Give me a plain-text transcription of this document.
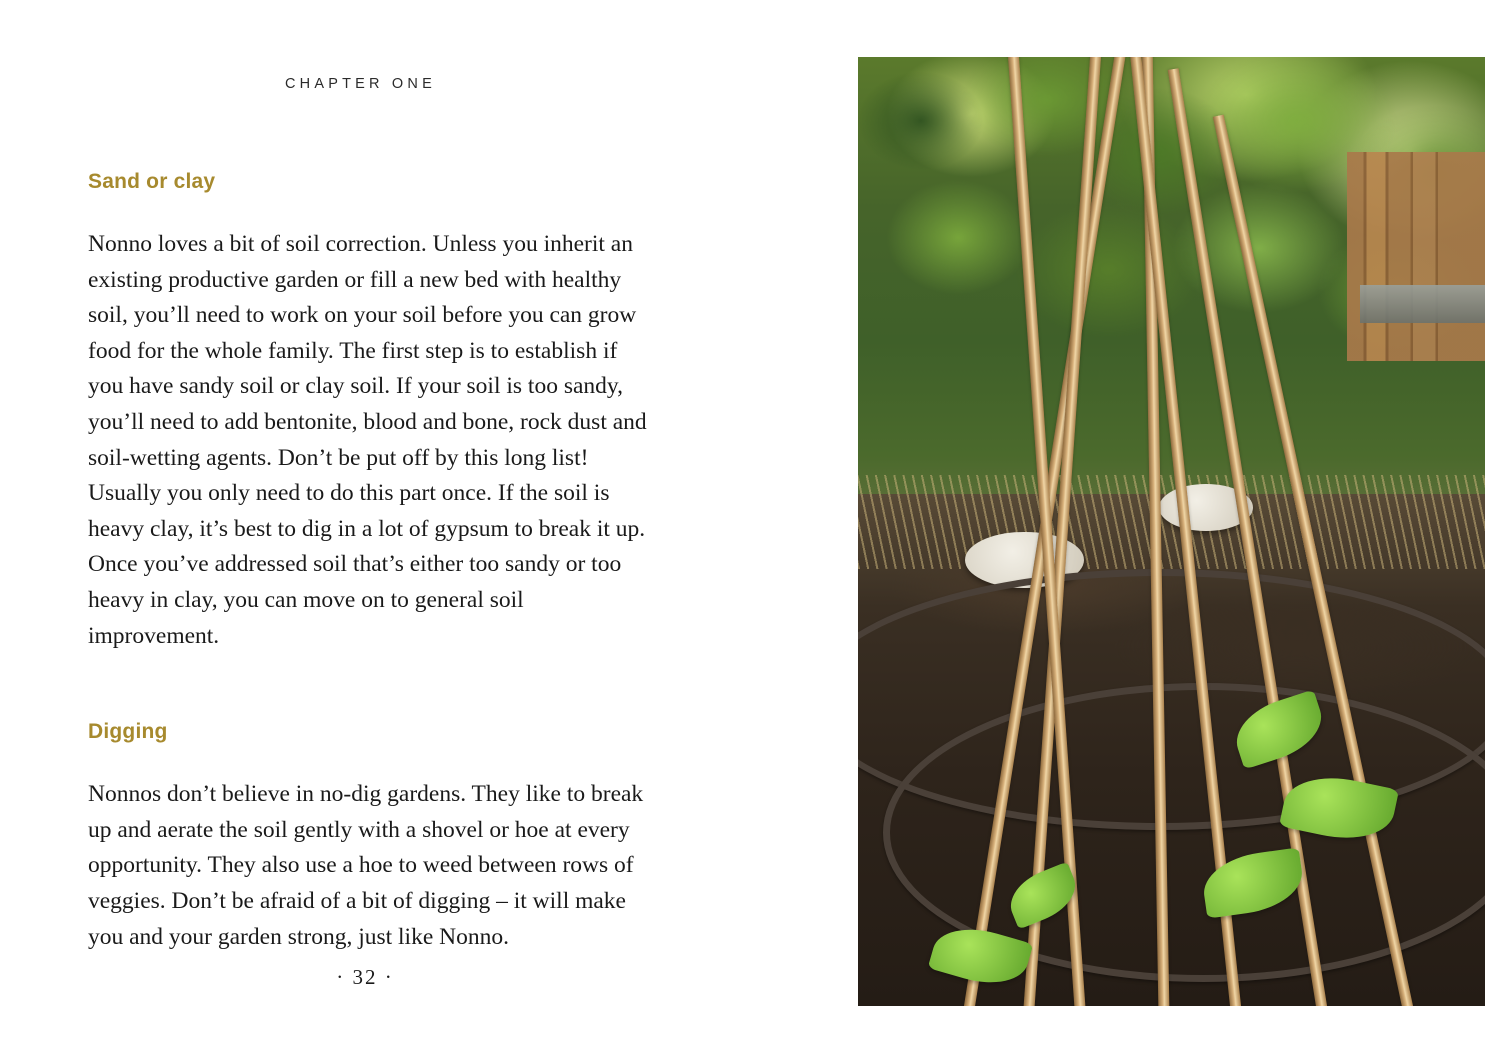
CHAPTER ONE
Sand or clay

Nonno loves a bit of soil correction. Unless you inherit an existing productive garden or fill a new bed with healthy soil, you’ll need to work on your soil before you can grow food for the whole family. The first step is to establish if you have sandy soil or clay soil. If your soil is too sandy, you’ll need to add bentonite, blood and bone, rock dust and soil-wetting agents. Don’t be put off by this long list! Usually you only need to do this part once. If the soil is heavy clay, it’s best to dig in a lot of gypsum to break it up. Once you’ve addressed soil that’s either too sandy or too heavy in clay, you can move on to general soil improvement.

Digging

Nonnos don’t believe in no-dig gardens. They like to break up and aerate the soil gently with a shovel or hoe at every opportunity. They also use a hoe to weed between rows of veggies. Don’t be afraid of a bit of digging – it will make you and your garden strong, just like Nonno.

· 32 ·
